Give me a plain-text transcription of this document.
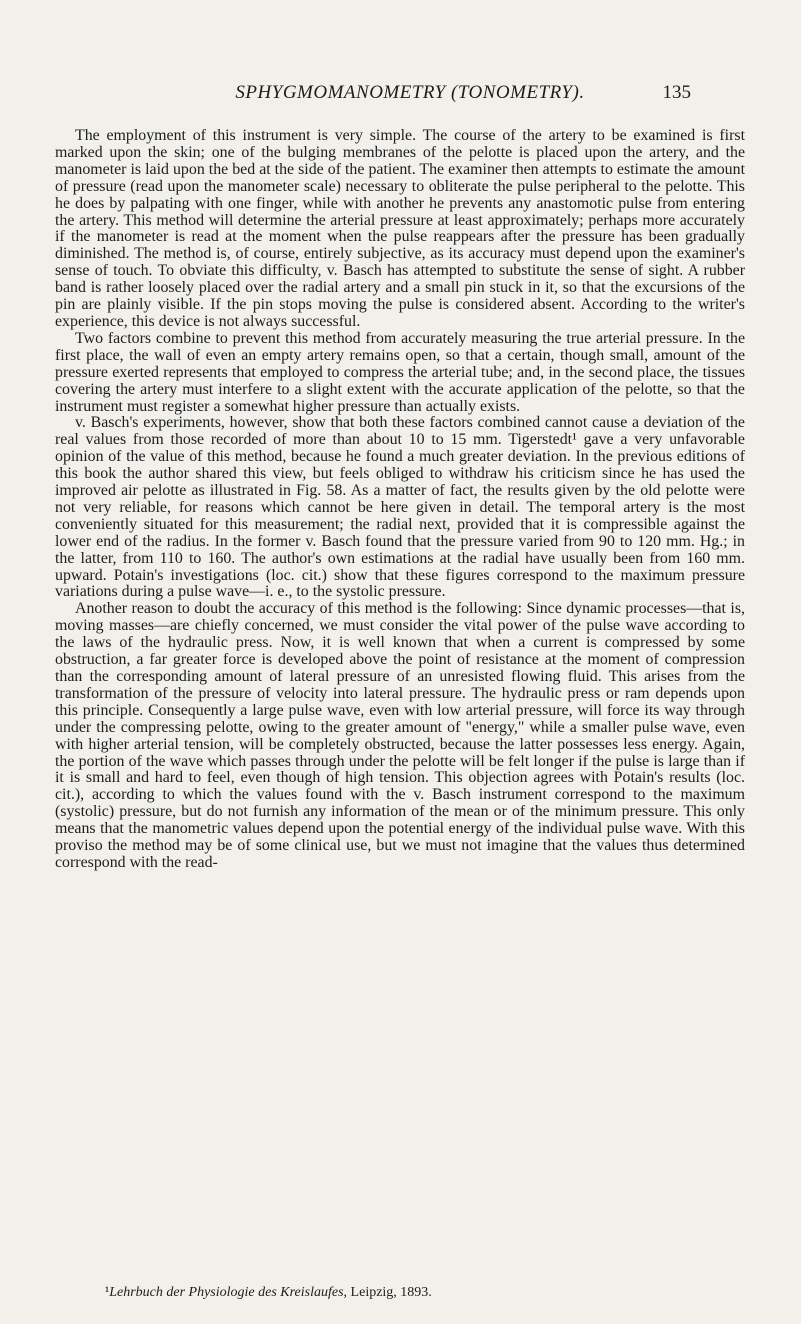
SPHYGMOMANOMETRY (TONOMETRY).	135

The employment of this instrument is very simple. The course of the artery to be examined is first marked upon the skin; one of the bulging membranes of the pelotte is placed upon the artery, and the manometer is laid upon the bed at the side of the patient. The examiner then attempts to estimate the amount of pressure (read upon the manometer scale) necessary to obliterate the pulse peripheral to the pelotte. This he does by palpating with one finger, while with another he prevents any anastomotic pulse from entering the artery. This method will determine the arterial pressure at least approximately; perhaps more accurately if the manometer is read at the moment when the pulse reappears after the pressure has been gradually diminished. The method is, of course, entirely subjective, as its accuracy must depend upon the examiner's sense of touch. To obviate this difficulty, v. Basch has attempted to substitute the sense of sight. A rubber band is rather loosely placed over the radial artery and a small pin stuck in it, so that the excursions of the pin are plainly visible. If the pin stops moving the pulse is considered absent. According to the writer's experience, this device is not always successful.

Two factors combine to prevent this method from accurately measuring the true arterial pressure. In the first place, the wall of even an empty artery remains open, so that a certain, though small, amount of the pressure exerted represents that employed to compress the arterial tube; and, in the second place, the tissues covering the artery must interfere to a slight extent with the accurate application of the pelotte, so that the instrument must register a somewhat higher pressure than actually exists.

v. Basch's experiments, however, show that both these factors combined cannot cause a deviation of the real values from those recorded of more than about 10 to 15 mm. Tigerstedt¹ gave a very unfavorable opinion of the value of this method, because he found a much greater deviation. In the previous editions of this book the author shared this view, but feels obliged to withdraw his criticism since he has used the improved air pelotte as illustrated in Fig. 58. As a matter of fact, the results given by the old pelotte were not very reliable, for reasons which cannot be here given in detail. The temporal artery is the most conveniently situated for this measurement; the radial next, provided that it is compressible against the lower end of the radius. In the former v. Basch found that the pressure varied from 90 to 120 mm. Hg.; in the latter, from 110 to 160. The author's own estimations at the radial have usually been from 160 mm. upward. Potain's investigations (loc. cit.) show that these figures correspond to the maximum pressure variations during a pulse wave—i. e., to the systolic pressure.

Another reason to doubt the accuracy of this method is the following: Since dynamic processes—that is, moving masses—are chiefly concerned, we must consider the vital power of the pulse wave according to the laws of the hydraulic press. Now, it is well known that when a current is compressed by some obstruction, a far greater force is developed above the point of resistance at the moment of compression than the corresponding amount of lateral pressure of an unresisted flowing fluid. This arises from the transformation of the pressure of velocity into lateral pressure. The hydraulic press or ram depends upon this principle. Consequently a large pulse wave, even with low arterial pressure, will force its way through under the compressing pelotte, owing to the greater amount of "energy," while a smaller pulse wave, even with higher arterial tension, will be completely obstructed, because the latter possesses less energy. Again, the portion of the wave which passes through under the pelotte will be felt longer if the pulse is large than if it is small and hard to feel, even though of high tension. This objection agrees with Potain's results (loc. cit.), according to which the values found with the v. Basch instrument correspond to the maximum (systolic) pressure, but do not furnish any information of the mean or of the minimum pressure. This only means that the manometric values depend upon the potential energy of the individual pulse wave. With this proviso the method may be of some clinical use, but we must not imagine that the values thus determined correspond with the read-

¹Lehrbuch der Physiologie des Kreislaufes, Leipzig, 1893.
